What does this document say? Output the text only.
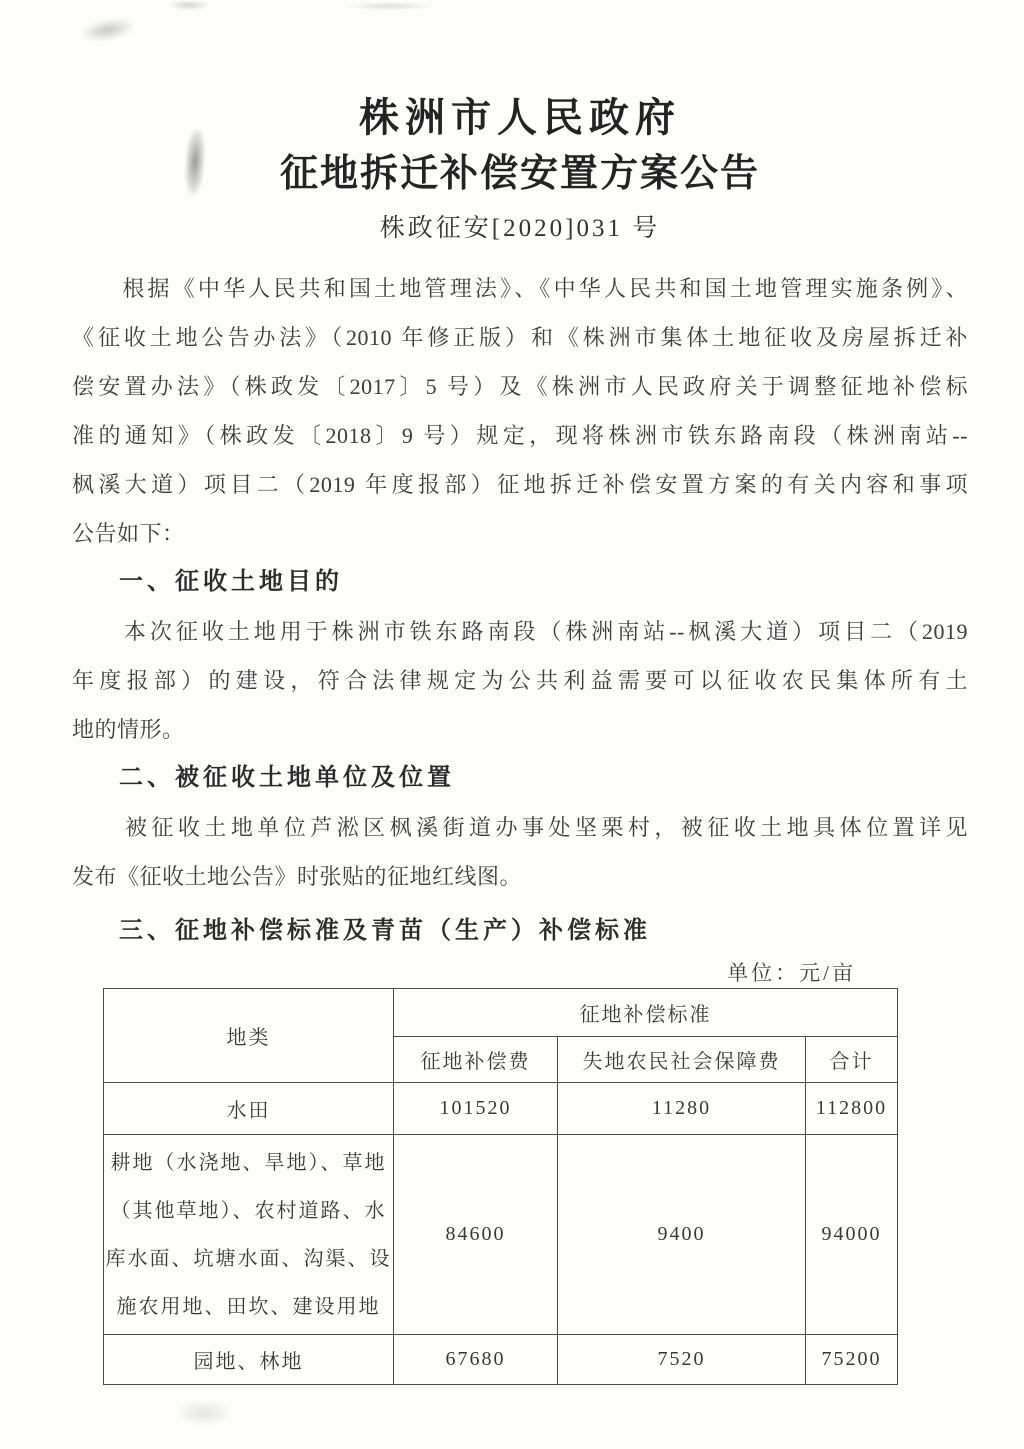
株洲市人民政府
征地拆迁补偿安置方案公告
株政征安[2020]031 号
　　根据《中华人民共和国土地管理法》、《中华人民共和国土地管理实施条例》、
《征收土地公告办法》（2010 年修正版）和《株洲市集体土地征收及房屋拆迁补
偿安置办法》（株政发〔2017〕5 号）及《株洲市人民政府关于调整征地补偿标
准的通知》（株政发〔2018〕9 号）规定，现将株洲市铁东路南段（株洲南站--
枫溪大道）项目二（2019 年度报部）征地拆迁补偿安置方案的有关内容和事项
公告如下：
一、征收土地目的
　　本次征收土地用于株洲市铁东路南段（株洲南站--枫溪大道）项目二（2019
年度报部）的建设，符合法律规定为公共利益需要可以征收农民集体所有土
地的情形。
二、被征收土地单位及位置
　　被征收土地单位芦淞区枫溪街道办事处坚栗村，被征收土地具体位置详见
发布《征收土地公告》时张贴的征地红线图。
三、征地补偿标准及青苗（生产）补偿标准
单位：元/亩
地类	征地补偿标准		
	征地补偿费	失地农民社会保障费	合计
水田	101520	11280	112800
耕地（水浇地、旱地）、草地（其他草地）、农村道路、水库水面、坑塘水面、沟渠、设施农用地、田坎、建设用地	84600	9400	94000
园地、林地	67680	7520	75200
